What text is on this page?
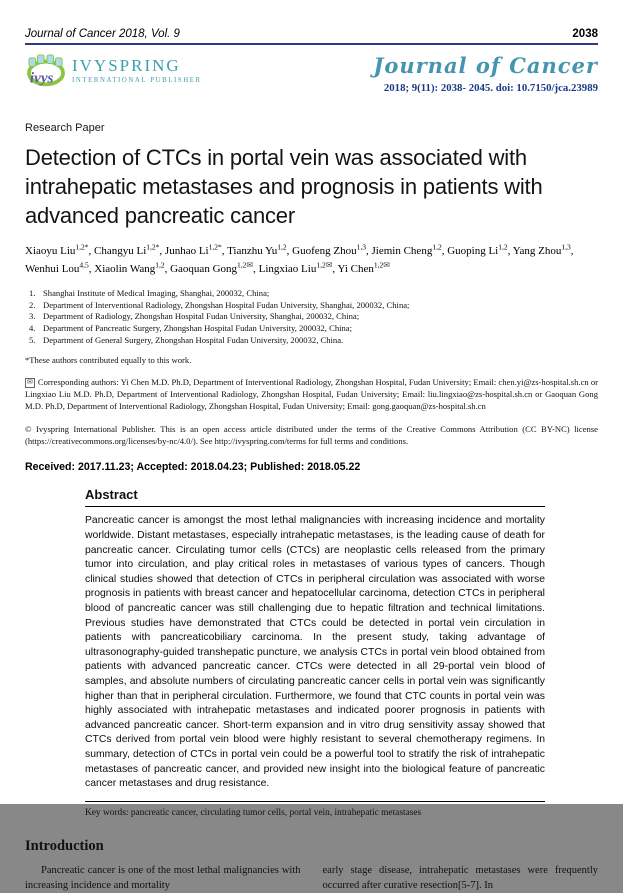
Journal of Cancer 2018, Vol. 9	2038
ivys
IVYSPRING
INTERNATIONAL PUBLISHER
Journal of Cancer
2018; 9(11): 2038- 2045. doi: 10.7150/jca.23989
Research Paper
Detection of CTCs in portal vein was associated with intrahepatic metastases and prognosis in patients with advanced pancreatic cancer
Xiaoyu Liu$^{1,2*}$, Changyu $Li^{1,2*}$, Junhao $Li^{1,2*}$, Tianzhu Yu$^{1,2}$, Guofeng Zhou$^{1,3}$, Jiemin Cheng$^{1,2}$, Guoping Li$^{1,2}$, Yang Zhou$^{1,3}$, Wenhui Lou$^{4,5}$, Xiaolin Wang$^{1,2}$, Gaoquan Gong$^{1,2✉}$, Lingxiao Liu$^{1,2✉}$, Yi Chen$^{1,2✉}$
Shanghai Institute of Medical Imaging, Shanghai, 200032, China;
Department of Interventional Radiology, Zhongshan Hospital Fudan University, Shanghai, 200032, China;
Department of Radiology, Zhongshan Hospital Fudan University, Shanghai, 200032, China;
Department of Pancreatic Surgery, Zhongshan Hospital Fudan University, 200032, China;
Department of General Surgery, Zhongshan Hospital Fudan University, 200032, China.
*These authors contributed equally to this work.
✉ Corresponding authors: Yi Chen M.D. Ph.D, Department of Interventional Radiology, Zhongshan Hospital, Fudan University; Email: chen.yi@zs-hospital.sh.cn or Lingxiao Liu M.D. Ph.D, Department of Interventional Radiology, Zhongshan Hospital, Fudan University; Email: liu.lingxiao@zs-hospital.sh.cn or Gaoquan Gong M.D. Ph.D, Department of Interventional Radiology, Zhongshan Hospital, Fudan University; Email: gong.gaoquan@zs-hospital.sh.cn
© Ivyspring International Publisher. This is an open access article distributed under the terms of the Creative Commons Attribution (CC BY-NC) license (https://creativecommons.org/licenses/by-nc/4.0/). See http://ivyspring.com/terms for full terms and conditions.
Received: 2017.11.23; Accepted: 2018.04.23; Published: 2018.05.22
Abstract
Pancreatic cancer is amongst the most lethal malignancies with increasing incidence and mortality worldwide. Distant metastases, especially intrahepatic metastases, is the leading cause of death for pancreatic cancer. Circulating tumor cells (CTCs) are neoplastic cells released from the primary tumor into circulation, and play critical roles in metastases of various types of cancers. Though clinical studies showed that detection of CTCs in peripheral circulation was associated with worse prognosis in patients with breast cancer and hepatocellular carcinoma, detection CTCs in peripheral blood of pancreatic cancer was still challenging due to hepatic filtration and technical limitations. Previous studies have demonstrated that CTCs could be detected in portal vein circulation in patients with pancreaticobiliary carcinoma. In the present study, taking advantage of ultrasonography-guided transhepatic puncture, we analysis CTCs in portal vein blood obtained from patients with advanced pancreatic cancer. CTCs were detected in all 29-portal vein blood of samples, and absolute numbers of circulating pancreatic cancer cells in portal vein was significantly higher than that in peripheral circulation. Furthermore, we found that CTC counts in portal vein was highly associated with intrahepatic metastases and indicated poorer prognosis in patients with advanced pancreatic cancer. Short-term expansion and in vitro drug sensitivity assay showed that CTCs derived from portal vein blood were highly resistant to several chemotherapy regimens. In summary, detection of CTCs in portal vein could be a powerful tool to stratify the risk of intrahepatic metastases of pancreatic cancer, and provided new insight into the biological feature of pancreatic cancer metastases and drug resistance.
Key words: pancreatic cancer, circulating tumor cells, portal vein, intrahepatic metastases
Introduction

Pancreatic cancer is one of the most lethal malignancies with increasing incidence and mortality

early stage disease, intrahepatic metastases were frequently occurred after curative resection[5-7]. In
